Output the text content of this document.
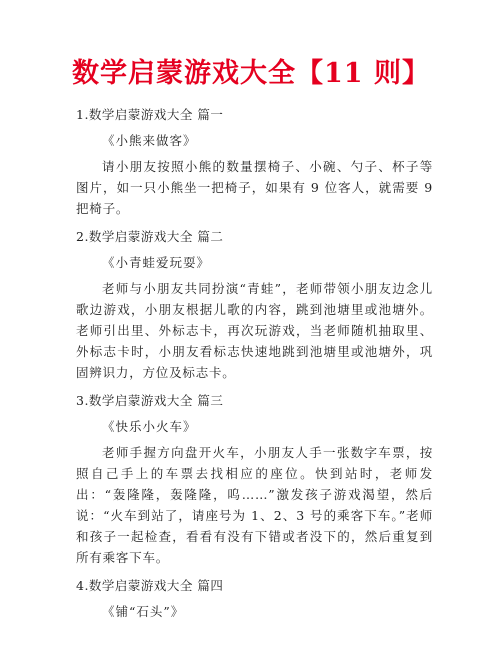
数学启蒙游戏大全【11 则】

1.数学启蒙游戏大全 篇一

《小熊来做客》

请小朋友按照小熊的数量摆椅子、小碗、勺子、杯子等图片，如一只小熊坐一把椅子，如果有 9 位客人，就需要 9 把椅子。

2.数学启蒙游戏大全 篇二

《小青蛙爱玩耍》

老师与小朋友共同扮演“青蛙”，老师带领小朋友边念儿歌边游戏，小朋友根据儿歌的内容，跳到池塘里或池塘外。老师引出里、外标志卡，再次玩游戏，当老师随机抽取里、外标志卡时，小朋友看标志快速地跳到池塘里或池塘外，巩固辨识力，方位及标志卡。

3.数学启蒙游戏大全 篇三

《快乐小火车》

老师手握方向盘开火车，小朋友人手一张数字车票，按照自己手上的车票去找相应的座位。快到站时，老师发出：“轰隆隆，轰隆隆，呜……”激发孩子游戏渴望，然后说：“火车到站了，请座号为 1、2、3 号的乘客下车。”老师和孩子一起检查，看看有没有下错或者没下的，然后重复到所有乘客下车。

4.数学启蒙游戏大全 篇四

《铺“石头”》
